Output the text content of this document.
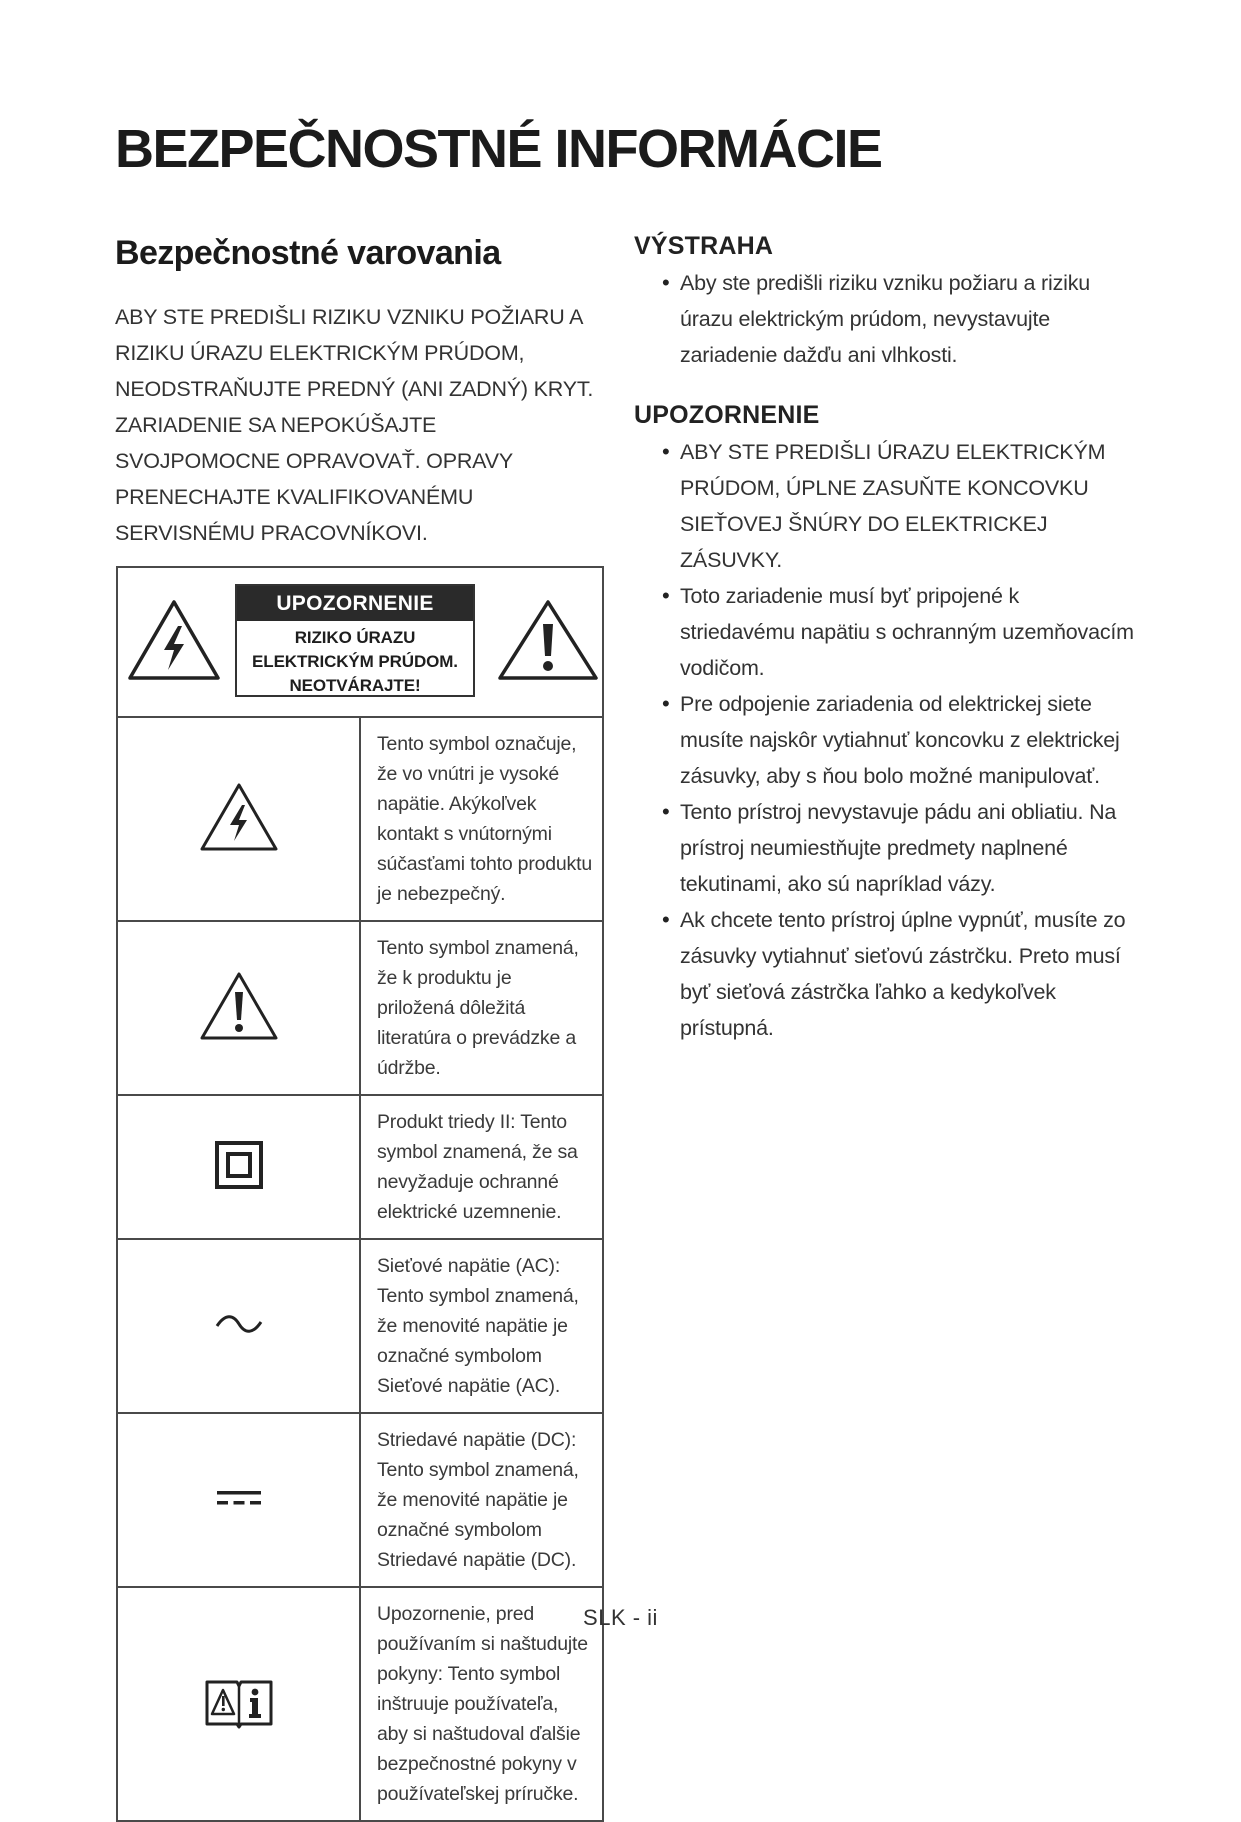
BEZPEČNOSTNÉ INFORMÁCIE
Bezpečnostné varovania

ABY STE PREDIŠLI RIZIKU VZNIKU POŽIARU A RIZIKU ÚRAZU ELEKTRICKÝM PRÚDOM, NEODSTRAŇUJTE PREDNÝ (ANI ZADNÝ) KRYT. ZARIADENIE SA NEPOKÚŠAJTE SVOJPOMOCNE OPRAVOVAŤ. OPRAVY PRENECHAJTE KVALIFIKOVANÉMU SERVISNÉMU PRACOVNÍKOVI.

UPOZORNENIE
RIZIKO ÚRAZU
ELEKTRICKÝM PRÚDOM.
NEOTVÁRAJTE!	

	Tento symbol označuje, že vo vnútri je vysoké napätie. Akýkoľvek kontakt s vnútornými súčasťami tohto produktu je nebezpečný.
	Tento symbol znamená, že k produktu je priložená dôležitá literatúra o prevádzke a údržbe.
	Produkt triedy II: Tento symbol znamená, že sa nevyžaduje ochranné elektrické uzemnenie.
	Sieťové napätie (AC): Tento symbol znamená, že menovité napätie je označné symbolom Sieťové napätie (AC).
	Striedavé napätie (DC): Tento symbol znamená, že menovité napätie je označné symbolom Striedavé napätie (DC).
	Upozornenie, pred používaním si naštudujte pokyny: Tento symbol inštruuje používateľa, aby si naštudoval ďalšie bezpečnostné pokyny v používateľskej príručke.
VÝSTRAHA
• Aby ste predišli riziku vzniku požiaru a riziku úrazu elektrickým prúdom, nevystavujte zariadenie dažďu ani vlhkosti.
UPOZORNENIE
• ABY STE PREDIŠLI ÚRAZU ELEKTRICKÝM PRÚDOM, ÚPLNE ZASUŇTE KONCOVKU SIEŤOVEJ ŠNÚRY DO ELEKTRICKEJ ZÁSUVKY.
• Toto zariadenie musí byť pripojené k striedavému napätiu s ochranným uzemňovacím vodičom.
• Pre odpojenie zariadenia od elektrickej siete musíte najskôr vytiahnuť koncovku z elektrickej zásuvky, aby s ňou bolo možné manipulovať.
• Tento prístroj nevystavuje pádu ani obliatiu. Na prístroj neumiestňujte predmety naplnené tekutinami, ako sú napríklad vázy.
• Ak chcete tento prístroj úplne vypnúť, musíte zo zásuvky vytiahnuť sieťovú zástrčku. Preto musí byť sieťová zástrčka ľahko a kedykoľvek prístupná.
SLK - ii
